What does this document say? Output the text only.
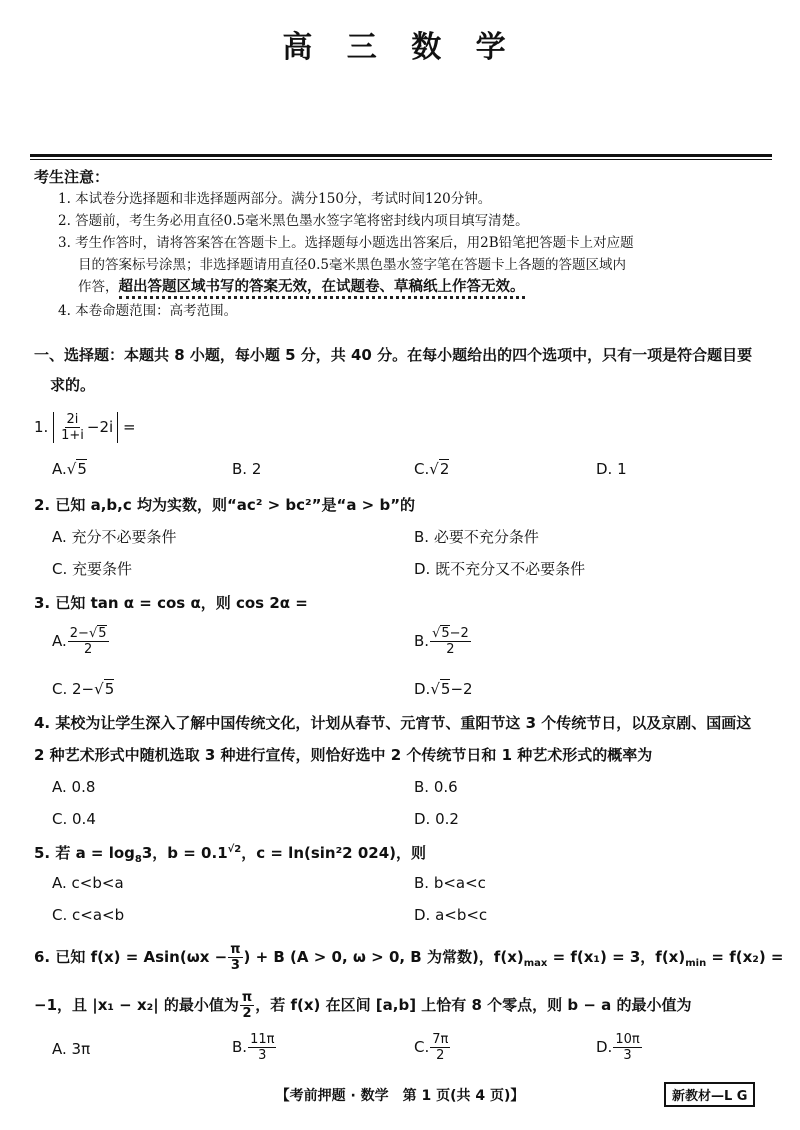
高 三 数 学
考生注意：
1. 本试卷分选择题和非选择题两部分。满分150分，考试时间120分钟。
2. 答题前，考生务必用直径0.5毫米黑色墨水签字笔将密封线内项目填写清楚。
3. 考生作答时，请将答案答在答题卡上。选择题每小题选出答案后，用2B铅笔把答题卡上对应题
目的答案标号涂黑；非选择题请用直径0.5毫米黑色墨水签字笔在答题卡上各题的答题区域内
作答，超出答题区域书写的答案无效，在试题卷、草稿纸上作答无效。
4. 本卷命题范围：高考范围。
一、选择题：本题共 8 小题，每小题 5 分，共 40 分。在每小题给出的四个选项中，只有一项是符合题目要
求的。
1. $\frac{2i}{1+i} -2i$ =
A.√5	B. 2	C.√2	D. 1
2. 已知 a,b,c 均为实数，则“ac² > bc²”是“a > b”的
A. 充分不必要条件	B. 必要不充分条件
C. 充要条件	D. 既不充分又不必要条件
3. 已知 tan α = cos α，则 cos 2α =
A. $\frac{2-√5}{2}$	B. $\frac{√5-2}{2}$
C. 2−√5	D.√5−2
4. 某校为让学生深入了解中国传统文化，计划从春节、元宵节、重阳节这 3 个传统节日，以及京剧、国画这
2 种艺术形式中随机选取 3 种进行宣传，则恰好选中 2 个传统节日和 1 种艺术形式的概率为
A. 0.8	B. 0.6
C. 0.4	D. 0.2
5. 若 $a = \log_83$，$b = 0.1^{√2}$，c = ln(sin²2 024)，则
A. c<b<a	B. b<a<c
C. c<a<b	D. a<b<c
6. 已知 $f(x) = Asin(\omega x - \frac{\pi}{3}$ ) + B (A > 0, ω > 0, B 为常数)，$f(x)_{max} = f(x_1) = 3$，$f(x)_{min} = f(x_2)$ =
−1，且 |x₁ − x₂| 的最小值为 $\frac{\pi}{2}$ ，若 f(x) 在区间 [a,b] 上恰有 8 个零点，则 b − a 的最小值为
A. 3π	B. $\frac{11\pi}{3}$	C. $\frac{7\pi}{2}$	D. $\frac{10\pi}{3}$
【考前押题 · 数学　第 1 页(共 4 页)】	新教材—L G
